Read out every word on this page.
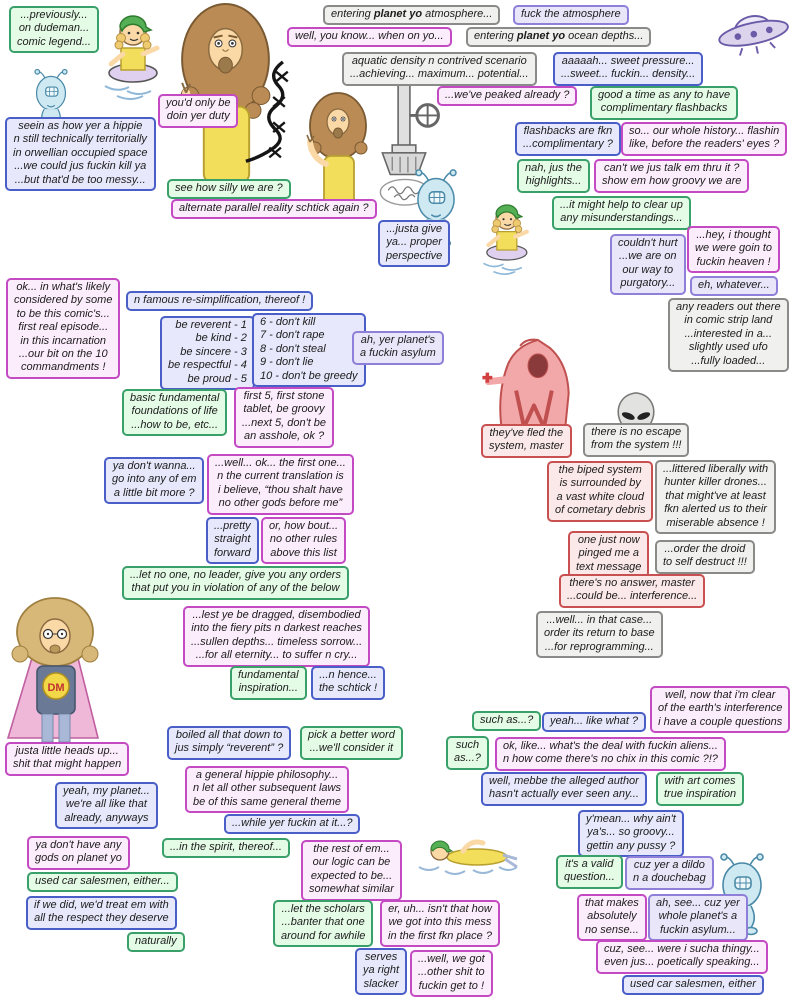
...previously...
on dudeman...
comic legend...
you'd only be
doin yer duty
entering planet yo atmosphere...	fuck the atmosphere
well, you know... when on yo...	entering planet yo ocean depths...
aquatic density n contrived scenario
...achieving... maximum... potential...
aaaaah... sweet pressure...
...sweet... fuckin... density...
...we've peaked already ?	good a time as any to have
complimentary flashbacks
flashbacks are fkn
...complimentary ?
so... our whole history... flashin
like, before the readers' eyes ?
nah, jus the
highlights...
can't we jus talk em thru it ?
show em how groovy we are
...it might help to clear up
any misunderstandings...
seein as how yer a hippie
n still technically territorially
in orwellian occupied space
...we could jus fuckin kill ya
...but that'd be too messy...
see how silly we are ?
alternate parallel reality schtick again ?
...justa give
ya... proper
perspective
couldn't hurt
...we are on
our way to
purgatory...
...hey, i thought
we were goin to
fuckin heaven !
eh, whatever...
any readers out there
in comic strip land
...interested in a...
slightly used ufo
...fully loaded...
ok... in what's likely
considered by some
to be this comic's...
first real episode...
in this incarnation
...our bit on the 10
commandments !
n famous re-simplification, thereof !
be reverent - 1
be kind - 2
be sincere - 3
be respectful - 4
be proud - 5
6 - don't kill
7 - don't rape
8 - don't steal
9 - don't lie
10 - don't be greedy
ah, yer planet's
a fuckin asylum
basic fundamental
foundations of life
...how to be, etc...
first 5, first stone
tablet, be groovy
...next 5, don't be
an asshole, ok ?
ya don't wanna...
go into any of em
a little bit more ?
...well... ok... the first one...
n the current translation is
i believe, “thou shalt have
no other gods before me”
...pretty
straight
forward
or, how bout...
no other rules
above this list
...let no one, no leader, give you any orders
that put you in violation of any of the below
...lest ye be dragged, disembodied
into the fiery pits n darkest reaches
...sullen depths... timeless sorrow...
...for all eternity... to suffer n cry...
fundamental
inspiration...
...n hence...
the schtick !
they've fled the
system, master
there is no escape
from the system !!!
the biped system
is surrounded by
a vast white cloud
of cometary debris
...littered liberally with
hunter killer drones...
that might've at least
fkn alerted us to their
miserable absence !
one just now
pinged me a
text message
...order the droid
to self destruct !!!
there's no answer, master
...could be... interference...
...well... in that case...
order its return to base
...for reprogramming...
well, now that i'm clear
of the earth's interference
i have a couple questions
such as...?	yeah... like what ?
such
as...?
ok, like... what's the deal with fuckin aliens...
n how come there's no chix in this comic ?!?
well, mebbe the alleged author
hasn't actually ever seen any...
with art comes
true inspiration
y'mean... why ain't
ya's... so groovy...
gettin any pussy ?
it's a valid
question...
cuz yer a dildo
n a douchebag
that makes
absolutely
no sense...
ah, see... cuz yer
whole planet's a
fuckin asylum...
cuz, see... were i sucha thingy...
even jus... poetically speaking...
used car salesmen, either
justa little heads up...
shit that might happen
yeah, my planet...
we're all like that
already, anyways
ya don't have any
gods on planet yo
used car salesmen, either...
if we did, we'd treat em with
all the respect they deserve
naturally
boiled all that down to
jus simply “reverent” ?
pick a better word
...we'll consider it
a general hippie philosophy...
n let all other subsequent laws
be of this same general theme
...while yer fuckin at it...?
...in the spirit, thereof...	the rest of em...
our logic can be
expected to be...
somewhat similar
...let the scholars
...banter that one
around for awhile
er, uh... isn't that how
we got into this mess
in the first fkn place ?
serves
ya right
slacker
...well, we got
...other shit to
fuckin get to !
